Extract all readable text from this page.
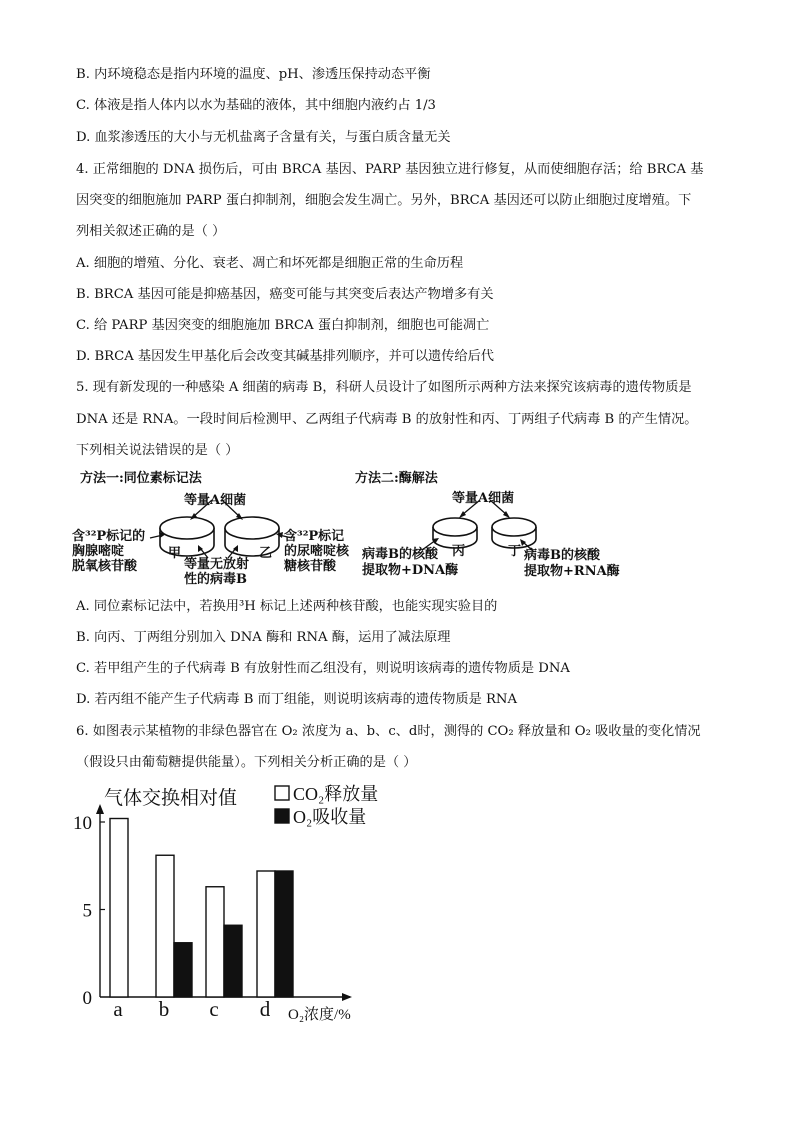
B. 内环境稳态是指内环境的温度、pH、渗透压保持动态平衡
C. 体液是指人体内以水为基础的液体，其中细胞内液约占 1/3
D. 血浆渗透压的大小与无机盐离子含量有关，与蛋白质含量无关
4. 正常细胞的 DNA 损伤后，可由 BRCA 基因、PARP 基因独立进行修复，从而使细胞存活；给 BRCA 基
因突变的细胞施加 PARP 蛋白抑制剂，细胞会发生凋亡。另外，BRCA 基因还可以防止细胞过度增殖。下
列相关叙述正确的是（ ）
A. 细胞的增殖、分化、衰老、凋亡和坏死都是细胞正常的生命历程
B. BRCA 基因可能是抑癌基因，癌变可能与其突变后表达产物增多有关
C. 给 PARP 基因突变的细胞施加 BRCA 蛋白抑制剂，细胞也可能凋亡
D. BRCA 基因发生甲基化后会改变其碱基排列顺序，并可以遗传给后代
5. 现有新发现的一种感染 A 细菌的病毒 B，科研人员设计了如图所示两种方法来探究该病毒的遗传物质是
DNA 还是 RNA。一段时间后检测甲、乙两组子代病毒 B 的放射性和丙、丁两组子代病毒 B 的产生情况。
下列相关说法错误的是（ ）
方法一:同位素标记法	方法二:酶解法
等量A细菌	等量A细菌
含³²P标记的
胸腺嘧啶
脱氧核苷酸
甲	乙
等量无放射
性的病毒B
含³²P标记
的尿嘧啶核
糖核苷酸
病毒B的核酸
提取物+DNA酶
丙	丁 病毒B的核酸
提取物+RNA酶
A. 同位素标记法中，若换用³H 标记上述两种核苷酸，也能实现实验目的
B. 向丙、丁两组分别加入 DNA 酶和 RNA 酶，运用了减法原理
C. 若甲组产生的子代病毒 B 有放射性而乙组没有，则说明该病毒的遗传物质是 DNA
D. 若丙组不能产生子代病毒 B 而丁组能，则说明该病毒的遗传物质是 RNA
6. 如图表示某植物的非绿色器官在 O₂ 浓度为 a、b、c、d时，测得的 CO₂ 释放量和 O₂ 吸收量的变化情况
（假设只由葡萄糖提供能量）。下列相关分析正确的是（ ）
0
5
10
气体交换相对值
a b c d O₂浓度/%
CO₂释放量
O₂吸收量
